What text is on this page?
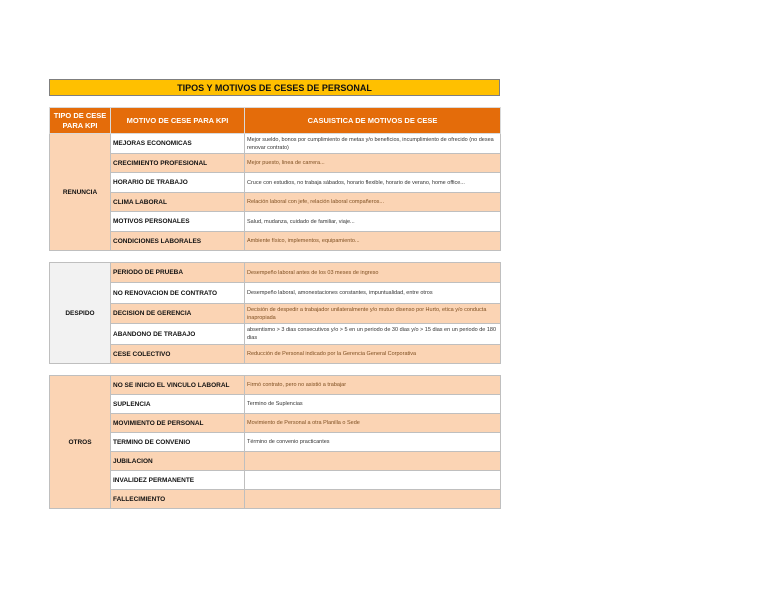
TIPOS Y MOTIVOS DE CESES DE PERSONAL
TIPO DE CESE PARA KPI	MOTIVO DE CESE PARA KPI	CASUISTICA DE MOTIVOS DE CESE
RENUNCIA	MEJORAS ECONOMICAS	Mejor sueldo, bonos por cumplimiento de metas y/o beneficios, incumplimiento de ofrecido (no desea renovar contrato)
	CRECIMIENTO PROFESIONAL	Mejor puesto, linea de carrera...
	HORARIO DE TRABAJO	Cruce con estudios, no trabaja sábados, horario flexible, horario de verano, home office...
	CLIMA LABORAL	Relación laboral con jefe, relación laboral compañeros...
	MOTIVOS PERSONALES	Salud, mudanza, cuidado de familiar, viaje...
	CONDICIONES LABORALES	Ambiente físico, implementos, equipamiento...
DESPIDO	PERIODO DE PRUEBA	Desempeño laboral antes de los 03 meses de ingreso
	NO RENOVACION DE CONTRATO	Desempeño laboral, amonestaciones constantes, impuntualidad, entre otros
	DECISION DE GERENCIA	Decisión de despedir a trabajador unilateralmente y/o mutuo disenso por Hurto, etica y/o conducta inapropiada
	ABANDONO DE TRABAJO	absentismo > 3 dias consecutivos y/o > 5 en un periodo de 30 dias y/o > 15 dias en un periodo de 180 dias
	CESE COLECTIVO	Reducción de Personal indicado por la Gerencia General Corporativa
OTROS	NO SE INICIO EL VINCULO LABORAL	Firmó contrato, pero no asistió a trabajar
	SUPLENCIA	Termino de Suplencias
	MOVIMIENTO DE PERSONAL	Movimiento de Personal a otra Planilla o Sede
	TERMINO DE CONVENIO	Término de convenio practicantes
	JUBILACION	
	INVALIDEZ PERMANENTE	
	FALLECIMIENTO	
